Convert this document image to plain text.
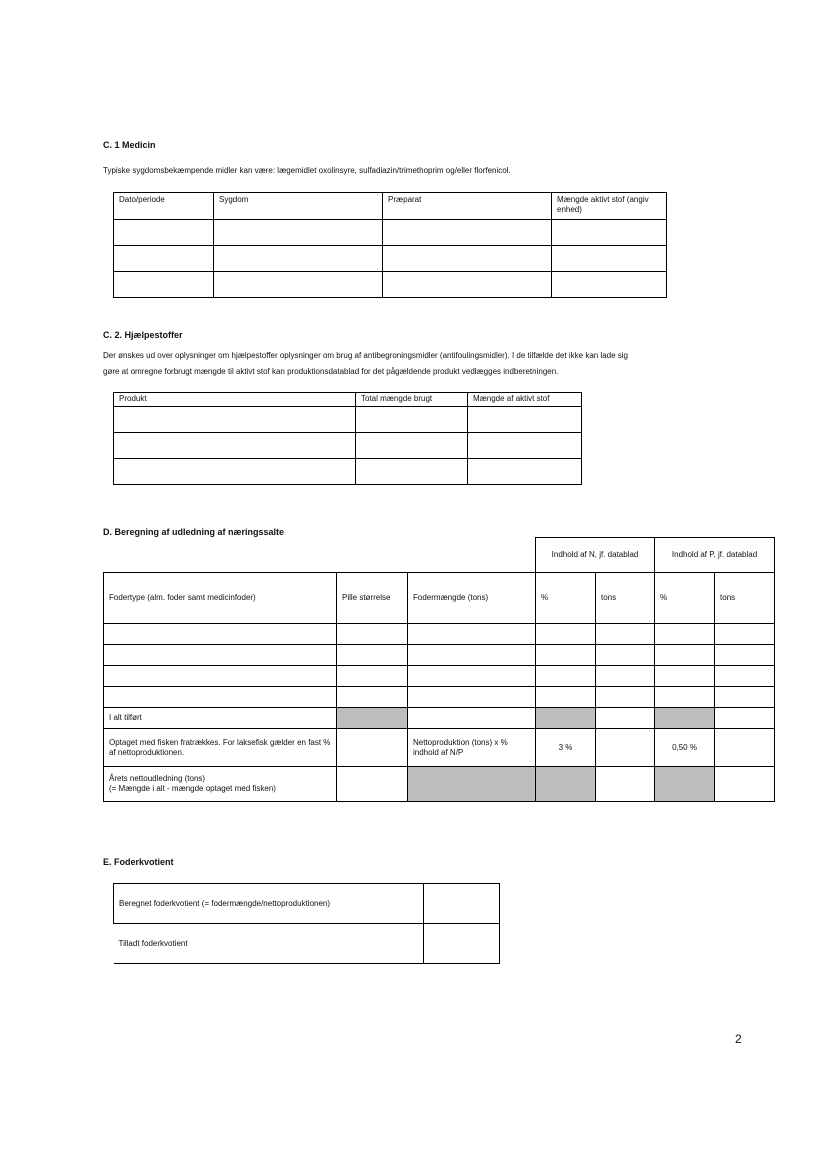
C. 1 Medicin
Typiske sygdomsbekæmpende midler kan være: lægemidlet oxolinsyre, sulfadiazin/trimethoprim og/eller florfenicol.
Dato/periode	Sygdom	Præparat	Mængde aktivt stof (angiv enhed)

C. 2. Hjælpestoffer
Der ønskes ud over oplysninger om hjælpestoffer oplysninger om brug af antibegroningsmidler (antifoulingsmidler). I de tilfælde det ikke kan lade sig
gøre at omregne forbrugt mængde til aktivt stof kan produktionsdatablad for det pågældende produkt vedlægges indberetningen.
Produkt	Total mængde brugt	Mængde af aktivt stof

D. Beregning af udledning af næringssalte
			Indhold af N, jf. datablad		Indhold af P, jf. datablad	
Fodertype (alm. foder samt medicinfoder)	Pille størrelse	Fodermængde (tons)	%	tons	%	tons

I alt tilført						
Optaget med fisken fratrækkes. For laksefisk gælder en fast % af nettoproduktionen.		Nettoproduktion (tons) x % indhold af N/P	3 %		0,50 %	
Årets nettoudledning (tons)
(= Mængde i alt - mængde optaget med fisken)						
E. Foderkvotient
Beregnet foderkvotient (= fodermængde/nettoproduktionen)	
Tilladt foderkvotient	
2
